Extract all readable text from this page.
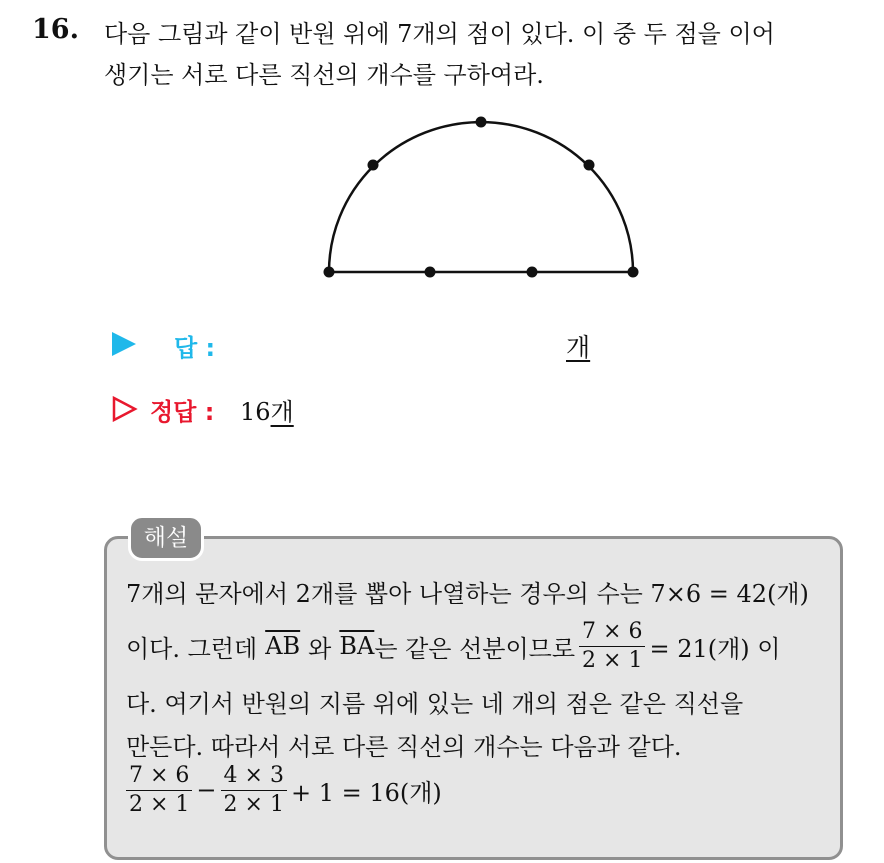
16. 다음 그림과 같이 반원 위에 7개의 점이 있다. 이 중 두 점을 이어
생기는 서로 다른 직선의 개수를 구하여라.
답 :	개
정답 : 16개
해설
7개의 문자에서 2개를 뽑아 나열하는 경우의 수는 7×6 = 42(개)
이다. 그런데 $\overline{AB}$ 와 $\overline{BA}$ 는 같은 선분이므로 $\frac{7 \times 6}{2 \times 1} = 21$(개) 이
다. 여기서 반원의 지름 위에 있는 네 개의 점은 같은 직선을
만든다. 따라서 서로 다른 직선의 개수는 다음과 같다.
$\frac{7 \times 6}{2 \times 1} - \frac{4 \times 3}{2 \times 1} + 1 = 16$(개)
